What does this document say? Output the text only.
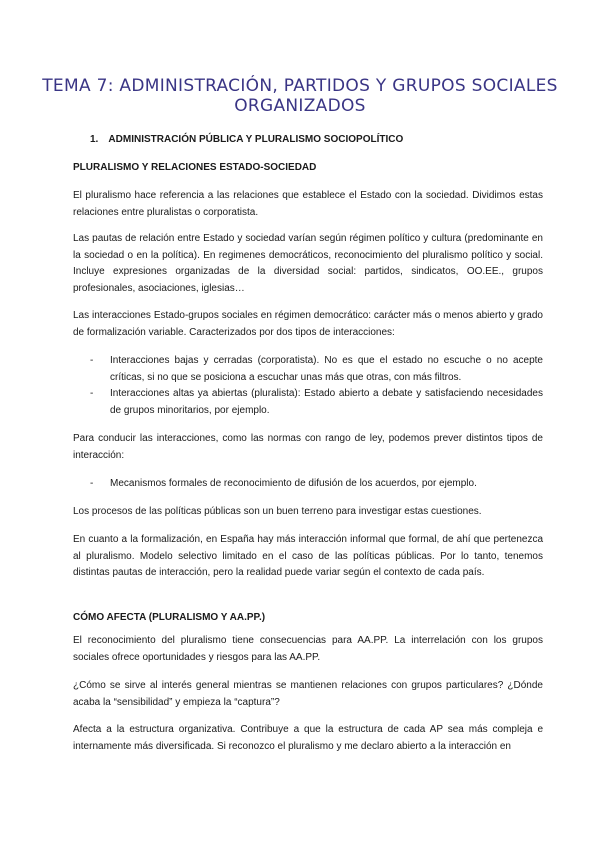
TEMA 7: ADMINISTRACIÓN, PARTIDOS Y GRUPOS SOCIALES ORGANIZADOS
1. ADMINISTRACIÓN PÚBLICA Y PLURALISMO SOCIOPOLÍTICO
PLURALISMO Y RELACIONES ESTADO-SOCIEDAD

El pluralismo hace referencia a las relaciones que establece el Estado con la sociedad. Dividimos estas relaciones entre pluralistas o corporatista.

Las pautas de relación entre Estado y sociedad varían según régimen político y cultura (predominante en la sociedad o en la política). En regimenes democráticos, reconocimiento del pluralismo político y social. Incluye expresiones organizadas de la diversidad social: partidos, sindicatos, OO.EE., grupos profesionales, asociaciones, iglesias…

Las interacciones Estado-grupos sociales en régimen democrático: carácter más o menos abierto y grado de formalización variable. Caracterizados por dos tipos de interacciones:

- Interacciones bajas y cerradas (corporatista). No es que el estado no escuche o no acepte críticas, si no que se posiciona a escuchar unas más que otras, con más filtros.
- Interacciones altas ya abiertas (pluralista): Estado abierto a debate y satisfaciendo necesidades de grupos minoritarios, por ejemplo.

Para conducir las interacciones, como las normas con rango de ley, podemos prever distintos tipos de interacción:

- Mecanismos formales de reconocimiento de difusión de los acuerdos, por ejemplo.

Los procesos de las políticas públicas son un buen terreno para investigar estas cuestiones.

En cuanto a la formalización, en España hay más interacción informal que formal, de ahí que pertenezca al pluralismo. Modelo selectivo limitado en el caso de las políticas públicas. Por lo tanto, tenemos distintas pautas de interacción, pero la realidad puede variar según el contexto de cada país.

CÓMO AFECTA (PLURALISMO Y AA.PP.)

El reconocimiento del pluralismo tiene consecuencias para AA.PP. La interrelación con los grupos sociales ofrece oportunidades y riesgos para las AA.PP.

¿Cómo se sirve al interés general mientras se mantienen relaciones con grupos particulares? ¿Dónde acaba la “sensibilidad” y empieza la “captura”?

Afecta a la estructura organizativa. Contribuye a que la estructura de cada AP sea más compleja e internamente más diversificada. Si reconozco el pluralismo y me declaro abierto a la interacción en
